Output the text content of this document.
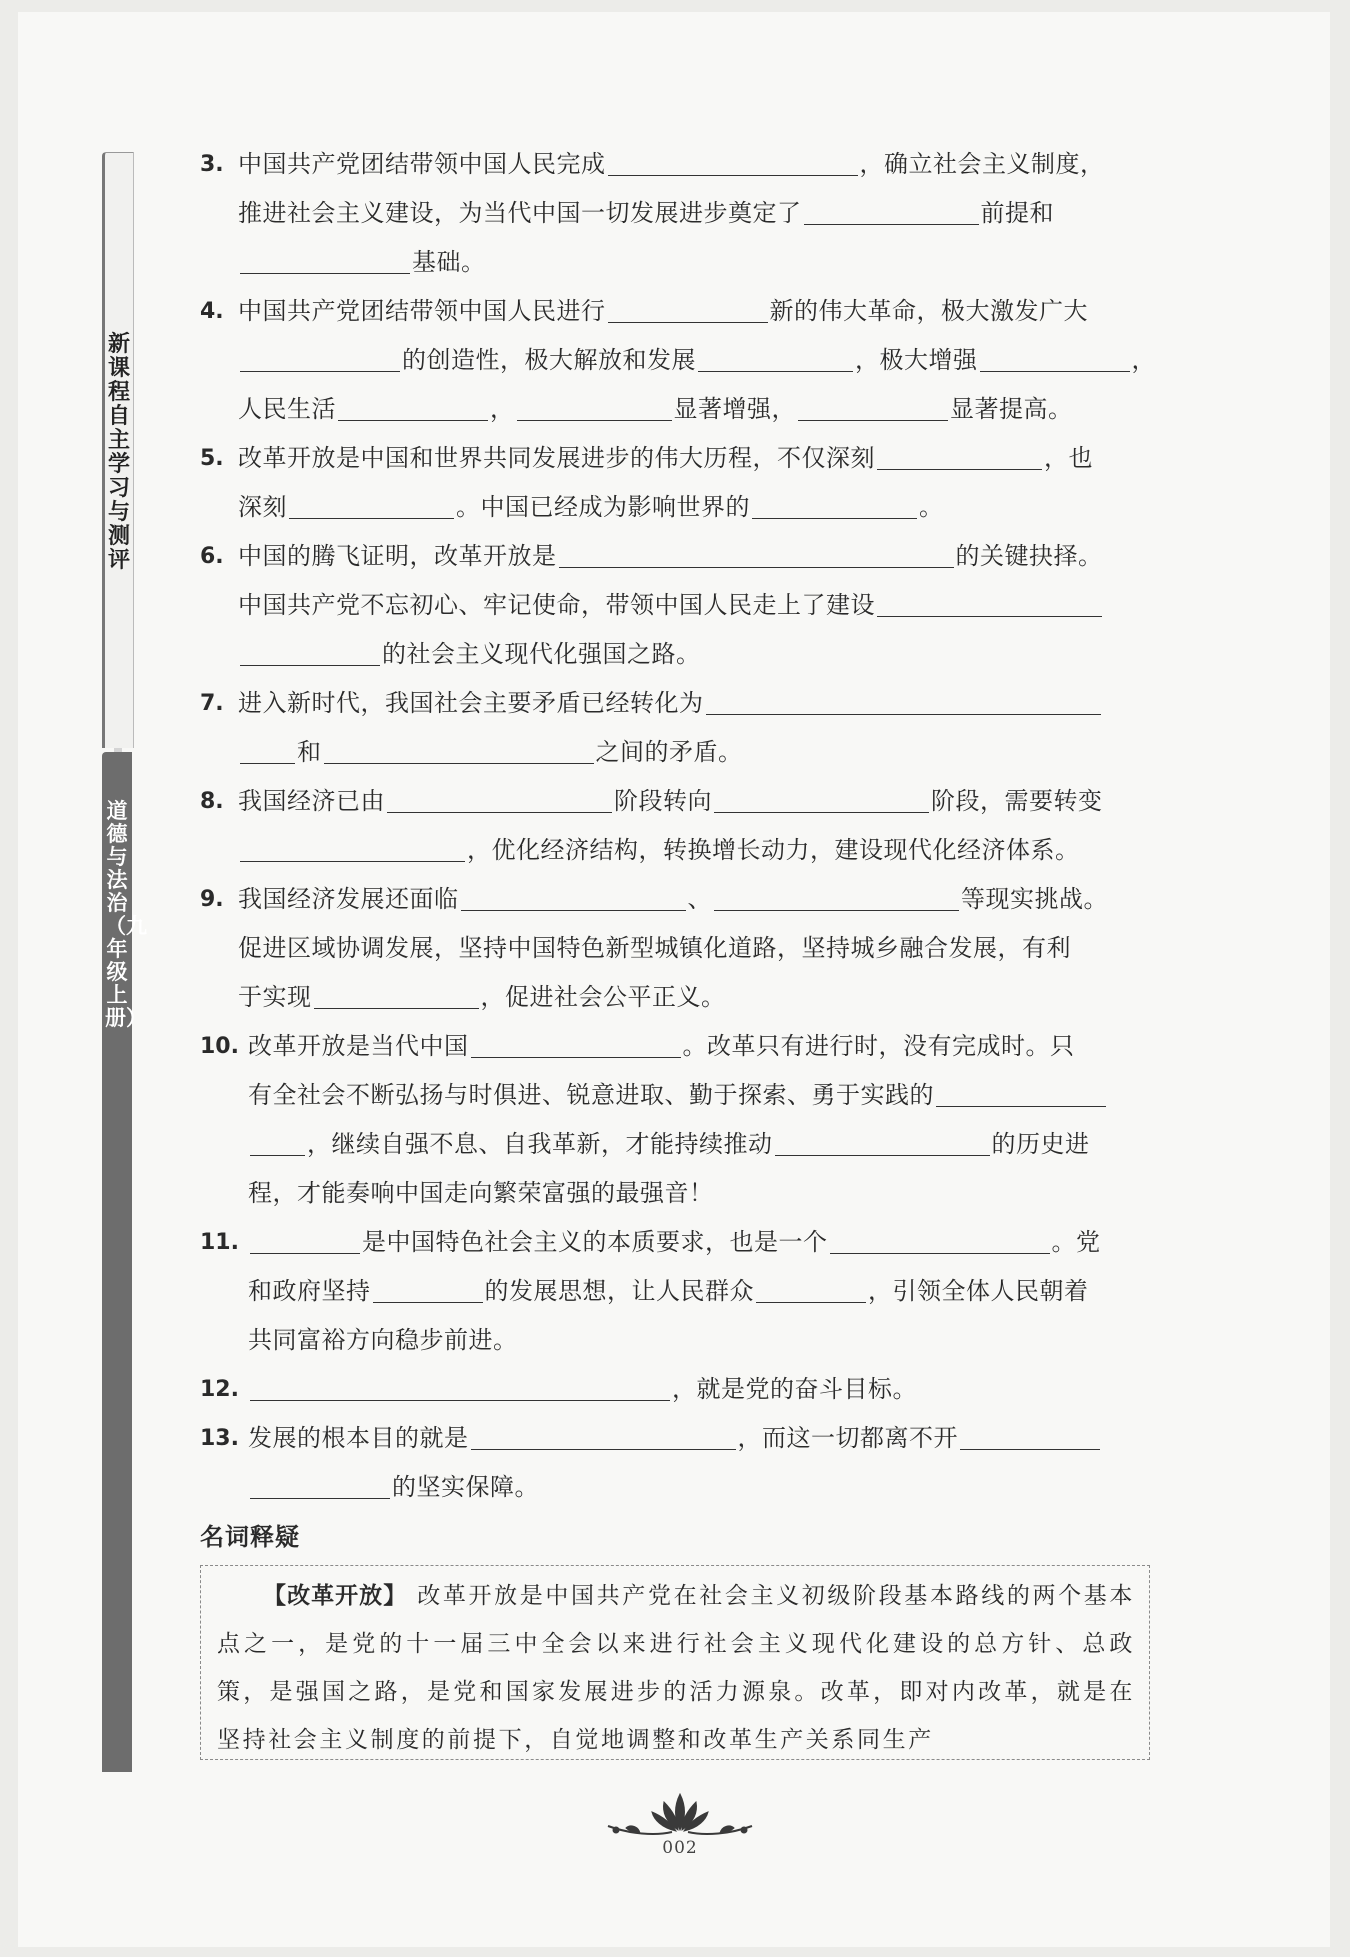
新课程自主学习与测评
道德与法治（九年级上册）
3. 中国共产党团结带领中国人民完成	，确立社会主义制度，
推进社会主义建设，为当代中国一切发展进步奠定了	前提和
基础。
4. 中国共产党团结带领中国人民进行	新的伟大革命，极大激发广大
的创造性，极大解放和发展	，极大增强	，
人民生活	，	显著增强，	显著提高。
5. 改革开放是中国和世界共同发展进步的伟大历程，不仅深刻	，也
深刻	。中国已经成为影响世界的	。
6. 中国的腾飞证明，改革开放是	的关键抉择。
中国共产党不忘初心、牢记使命，带领中国人民走上了建设
的社会主义现代化强国之路。
7. 进入新时代，我国社会主要矛盾已经转化为
和	之间的矛盾。
8. 我国经济已由	阶段转向	阶段，需要转变
，优化经济结构，转换增长动力，建设现代化经济体系。
9. 我国经济发展还面临	、	等现实挑战。
促进区域协调发展，坚持中国特色新型城镇化道路，坚持城乡融合发展，有利
于实现	，促进社会公平正义。
10. 改革开放是当代中国	。改革只有进行时，没有完成时。只
有全社会不断弘扬与时俱进、锐意进取、勤于探索、勇于实践的
，继续自强不息、自我革新，才能持续推动	的历史进
程，才能奏响中国走向繁荣富强的最强音！
11.	是中国特色社会主义的本质要求，也是一个	。党
和政府坚持	的发展思想，让人民群众	，引领全体人民朝着
共同富裕方向稳步前进。
12.	，就是党的奋斗目标。
13. 发展的根本目的就是	，而这一切都离不开
的坚实保障。
名词释疑
【改革开放】 改革开放是中国共产党在社会主义初级阶段基本路线的两个基本点之一，是党的十一届三中全会以来进行社会主义现代化建设的总方针、总政策，是强国之路，是党和国家发展进步的活力源泉。改革，即对内改革，就是在坚持社会主义制度的前提下，自觉地调整和改革生产关系同生产
002
